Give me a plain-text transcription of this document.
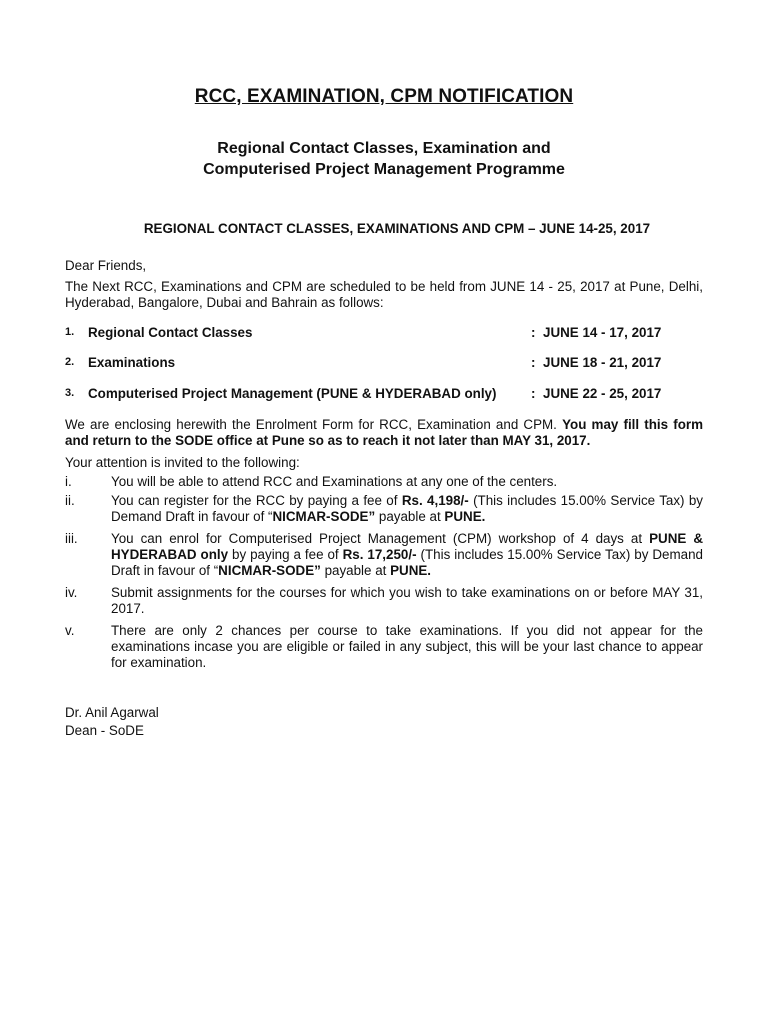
RCC, EXAMINATION, CPM NOTIFICATION
Regional Contact Classes, Examination and
Computerised Project Management Programme
REGIONAL CONTACT CLASSES, EXAMINATIONS AND CPM – JUNE 14-25, 2017
Dear Friends,
The Next RCC, Examinations and CPM are scheduled to be held from JUNE 14 - 25, 2017 at Pune, Delhi, Hyderabad, Bangalore, Dubai and Bahrain as follows:
1. Regional Contact Classes	: JUNE 14 - 17, 2017
2. Examinations	: JUNE 18 - 21, 2017
3. Computerised Project Management (PUNE & HYDERABAD only)	: JUNE 22 - 25, 2017
We are enclosing herewith the Enrolment Form for RCC, Examination and CPM. You may fill this form and return to the SODE office at Pune so as to reach it not later than MAY 31, 2017.
Your attention is invited to the following:
i.	You will be able to attend RCC and Examinations at any one of the centers.
ii.	You can register for the RCC by paying a fee of Rs. 4,198/- (This includes 15.00% Service Tax) by Demand Draft in favour of “NICMAR-SODE” payable at PUNE.
iii. You can enrol for Computerised Project Management (CPM) workshop of 4 days at PUNE & HYDERABAD only by paying a fee of Rs. 17,250/- (This includes 15.00% Service Tax) by Demand Draft in favour of “NICMAR-SODE” payable at PUNE.
iv.	Submit assignments for the courses for which you wish to take examinations on or before MAY 31, 2017.
v.	There are only 2 chances per course to take examinations. If you did not appear for the examinations incase you are eligible or failed in any subject, this will be your last chance to appear for examination.
Dr. Anil Agarwal
Dean - SoDE
